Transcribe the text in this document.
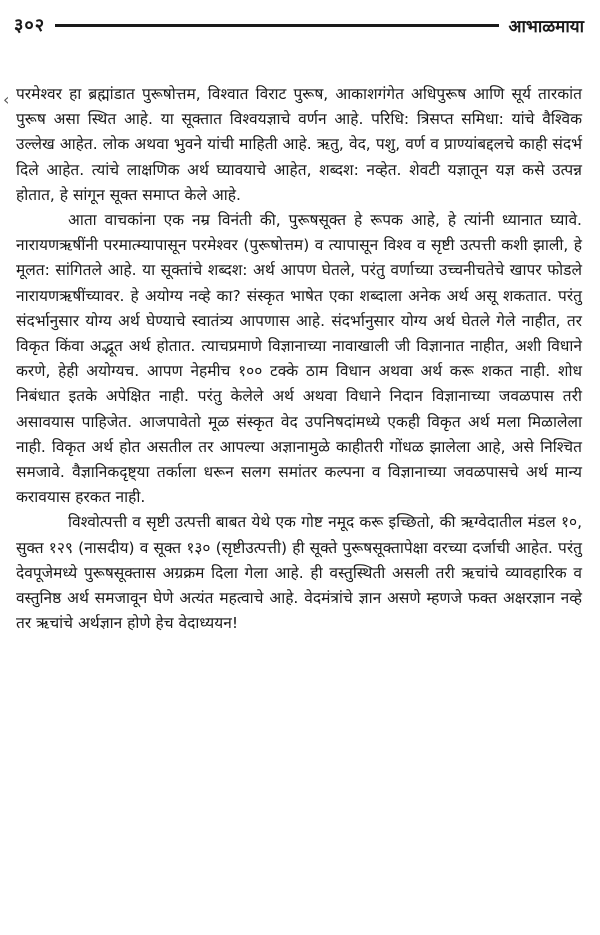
३०२	आभाळमाया
‹ परमेश्वर हा ब्रह्मांडात पुरूषोत्तम, विश्वात विराट पुरूष, आकाशगंगेत अधिपुरूष आणि सूर्य तारकांत पुरूष असा स्थित आहे. या सूक्तात विश्वयज्ञाचे वर्णन आहे. परिधि: त्रिसप्त समिधा: यांचे वैश्विक उल्लेख आहेत. लोक अथवा भुवने यांची माहिती आहे. ऋतु, वेद, पशु, वर्ण व प्राण्यांबद्दलचे काही संदर्भ दिले आहेत. त्यांचे लाक्षणिक अर्थ घ्यावयाचे आहेत, शब्दश: नव्हेत. शेवटी यज्ञातून यज्ञ कसे उत्पन्न होतात, हे सांगून सूक्त समाप्त केले आहे.

आता वाचकांना एक नम्र विनंती की, पुरूषसूक्त हे रूपक आहे, हे त्यांनी ध्यानात घ्यावे. नारायणऋषींनी परमात्म्यापासून परमेश्वर (पुरूषोत्तम) व त्यापासून विश्व व सृष्टी उत्पत्ती कशी झाली, हे मूलत: सांगितले आहे. या सूक्तांचे शब्दश: अर्थ आपण घेतले, परंतु वर्णाच्या उच्चनीचतेचे खापर फोडले नारायणऋषींच्यावर. हे अयोग्य नव्हे का? संस्कृत भाषेत एका शब्दाला अनेक अर्थ असू शकतात. परंतु संदर्भानुसार योग्य अर्थ घेण्याचे स्वातंत्र्य आपणास आहे. संदर्भानुसार योग्य अर्थ घेतले गेले नाहीत, तर विकृत किंवा अद्भूत अर्थ होतात. त्याचप्रमाणे विज्ञानाच्या नावाखाली जी विज्ञानात नाहीत, अशी विधाने करणे, हेही अयोग्यच. आपण नेहमीच १०० टक्के ठाम विधान अथवा अर्थ करू शकत नाही. शोध निबंधात इतके अपेक्षित नाही. परंतु केलेले अर्थ अथवा विधाने निदान विज्ञानाच्या जवळपास तरी असावयास पाहिजेत. आजपावेतो मूळ संस्कृत वेद उपनिषदांमध्ये एकही विकृत अर्थ मला मिळालेला नाही. विकृत अर्थ होत असतील तर आपल्या अज्ञानामुळे काहीतरी गोंधळ झालेला आहे, असे निश्चित समजावे. वैज्ञानिकदृष्ट्या तर्काला धरून सलग समांतर कल्पना व विज्ञानाच्या जवळपासचे अर्थ मान्य करावयास हरकत नाही.

विश्वोत्पत्ती व सृष्टी उत्पत्ती बाबत येथे एक गोष्ट नमूद करू इच्छितो, की ऋग्वेदातील मंडल १०, सुक्त १२९ (नासदीय) व सूक्त १३० (सृष्टीउत्पत्ती) ही सूक्ते पुरूषसूक्तापेक्षा वरच्या दर्जाची आहेत. परंतु देवपूजेमध्ये पुरूषसूक्तास अग्रक्रम दिला गेला आहे. ही वस्तुस्थिती असली तरी ऋचांचे व्यावहारिक व वस्तुनिष्ठ अर्थ समजावून घेणे अत्यंत महत्वाचे आहे. वेदमंत्रांचे ज्ञान असणे म्हणजे फक्त अक्षरज्ञान नव्हे तर ऋचांचे अर्थज्ञान होणे हेच वेदाध्ययन!
